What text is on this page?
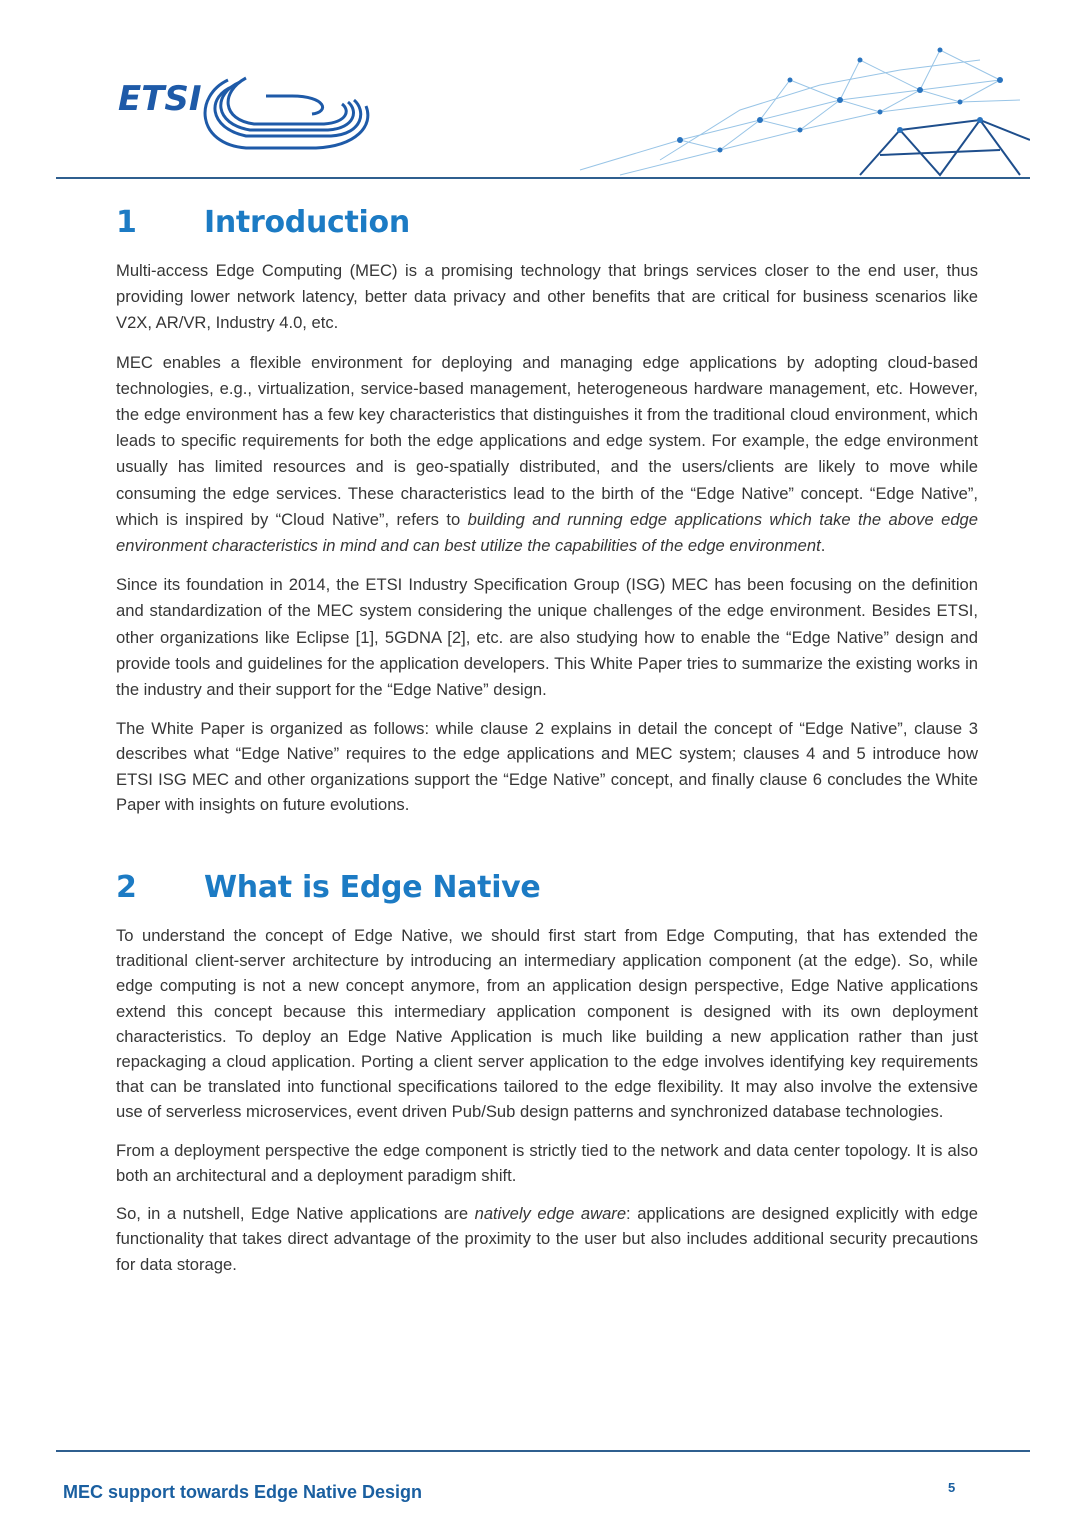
ETSI
1	Introduction

Multi-access Edge Computing (MEC) is a promising technology that brings services closer to the end user, thus providing lower network latency, better data privacy and other benefits that are critical for business scenarios like V2X, AR/VR, Industry 4.0, etc.

MEC enables a flexible environment for deploying and managing edge applications by adopting cloud-based technologies, e.g., virtualization, service-based management, heterogeneous hardware management, etc. However, the edge environment has a few key characteristics that distinguishes it from the traditional cloud environment, which leads to specific requirements for both the edge applications and edge system. For example, the edge environment usually has limited resources and is geo-spatially distributed, and the users/clients are likely to move while consuming the edge services. These characteristics lead to the birth of the “Edge Native” concept. “Edge Native”, which is inspired by “Cloud Native”, refers to building and running edge applications which take the above edge environment characteristics in mind and can best utilize the capabilities of the edge environment.

Since its foundation in 2014, the ETSI Industry Specification Group (ISG) MEC has been focusing on the definition and standardization of the MEC system considering the unique challenges of the edge environment. Besides ETSI, other organizations like Eclipse [1], 5GDNA [2], etc. are also studying how to enable the “Edge Native” design and provide tools and guidelines for the application developers. This White Paper tries to summarize the existing works in the industry and their support for the “Edge Native” design.

The White Paper is organized as follows: while clause 2 explains in detail the concept of “Edge Native”, clause 3 describes what “Edge Native” requires to the edge applications and MEC system; clauses 4 and 5 introduce how ETSI ISG MEC and other organizations support the “Edge Native” concept, and finally clause 6 concludes the White Paper with insights on future evolutions.

2	What is Edge Native

To understand the concept of Edge Native, we should first start from Edge Computing, that has extended the traditional client-server architecture by introducing an intermediary application component (at the edge). So, while edge computing is not a new concept anymore, from an application design perspective, Edge Native applications extend this concept because this intermediary application component is designed with its own deployment characteristics. To deploy an Edge Native Application is much like building a new application rather than just repackaging a cloud application. Porting a client server application to the edge involves identifying key requirements that can be translated into functional specifications tailored to the edge flexibility. It may also involve the extensive use of serverless microservices, event driven Pub/Sub design patterns and synchronized database technologies.

From a deployment perspective the edge component is strictly tied to the network and data center topology. It is also both an architectural and a deployment paradigm shift.

So, in a nutshell, Edge Native applications are natively edge aware: applications are designed explicitly with edge functionality that takes direct advantage of the proximity to the user but also includes additional security precautions for data storage.

MEC support towards Edge Native Design	5
